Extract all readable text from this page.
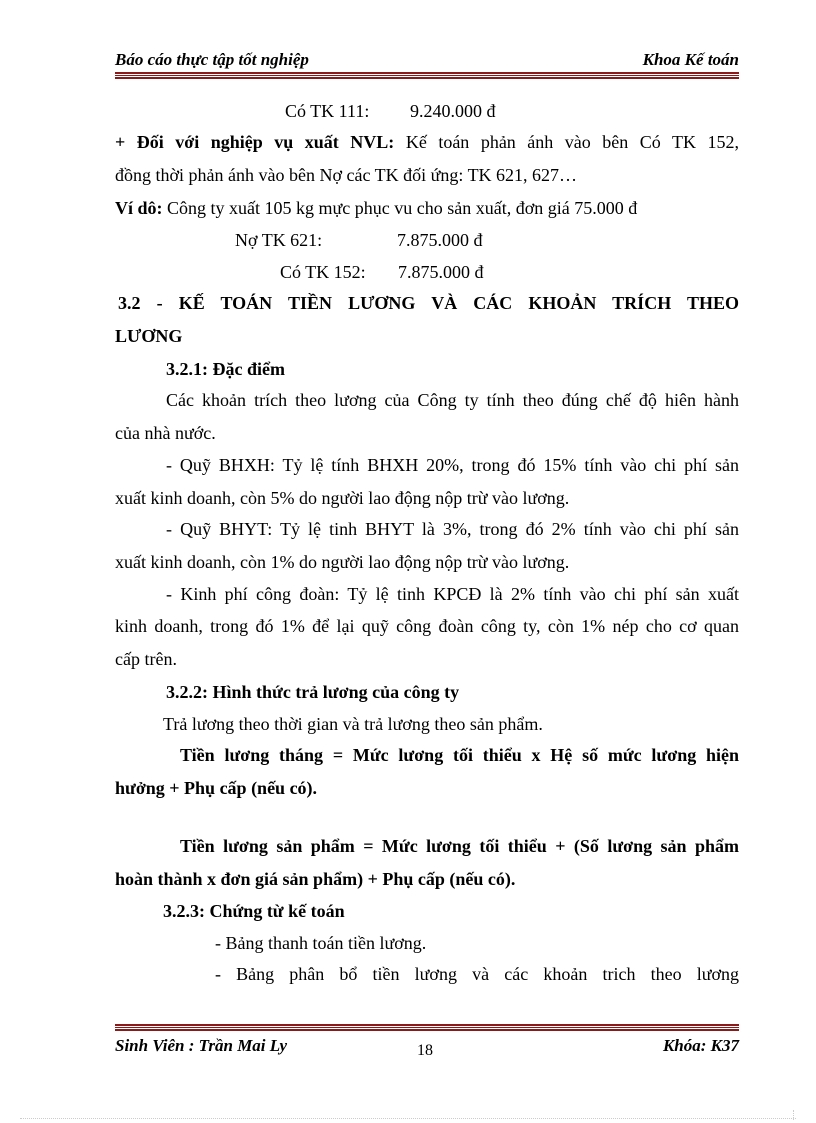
Báo cáo thực tập tốt nghiệp	Khoa Kế toán
Có TK 111: 9.240.000 đ
+ Đối với nghiệp vụ xuất NVL: Kế toán phản ánh vào bên Có TK 152,
đồng thời phản ánh vào bên Nợ các TK đối ứng: TK 621, 627…
Ví dô: Công ty xuất 105 kg mực phục vu cho sản xuất, đơn giá 75.000 đ
Nợ TK 621:	7.875.000 đ
Có TK 152: 7.875.000 đ
3.2 - KẾ TOÁN TIỀN LƯƠNG VÀ CÁC KHOẢN TRÍCH THEO
LƯƠNG
3.2.1: Đặc điểm
Các khoản trích theo lương của Công ty tính theo đúng chế độ hiên hành
của nhà nước.
- Quỹ BHXH: Tỷ lệ tính BHXH 20%, trong đó 15% tính vào chi phí sản
xuất kinh doanh, còn 5% do người lao động nộp trừ vào lương.
- Quỹ BHYT: Tỷ lệ tinh BHYT là 3%, trong đó 2% tính vào chi phí sản
xuất kinh doanh, còn 1% do người lao động nộp trừ vào lương.
- Kinh phí công đoàn: Tỷ lệ tinh KPCĐ là 2% tính vào chi phí sản xuất
kinh doanh, trong đó 1% để lại quỹ công đoàn công ty, còn 1% nép cho cơ quan
cấp trên.
3.2.2: Hình thức trả lương của công ty
Trả lương theo thời gian và trả lương theo sản phẩm.
Tiền lương tháng = Mức lương tối thiểu x Hệ số mức lương hiện
hưởng + Phụ cấp (nếu có).
Tiền lương sản phẩm = Mức lương tối thiểu + (Số lương sản phẩm
hoàn thành x đơn giá sản phẩm) + Phụ cấp (nếu có).
3.2.3: Chứng từ kế toán
- Bảng thanh toán tiền lương.
- Bảng phân bổ tiền lương và các khoản trich theo lương
Sinh Viên : Trần Mai Ly	18	Khóa: K37
